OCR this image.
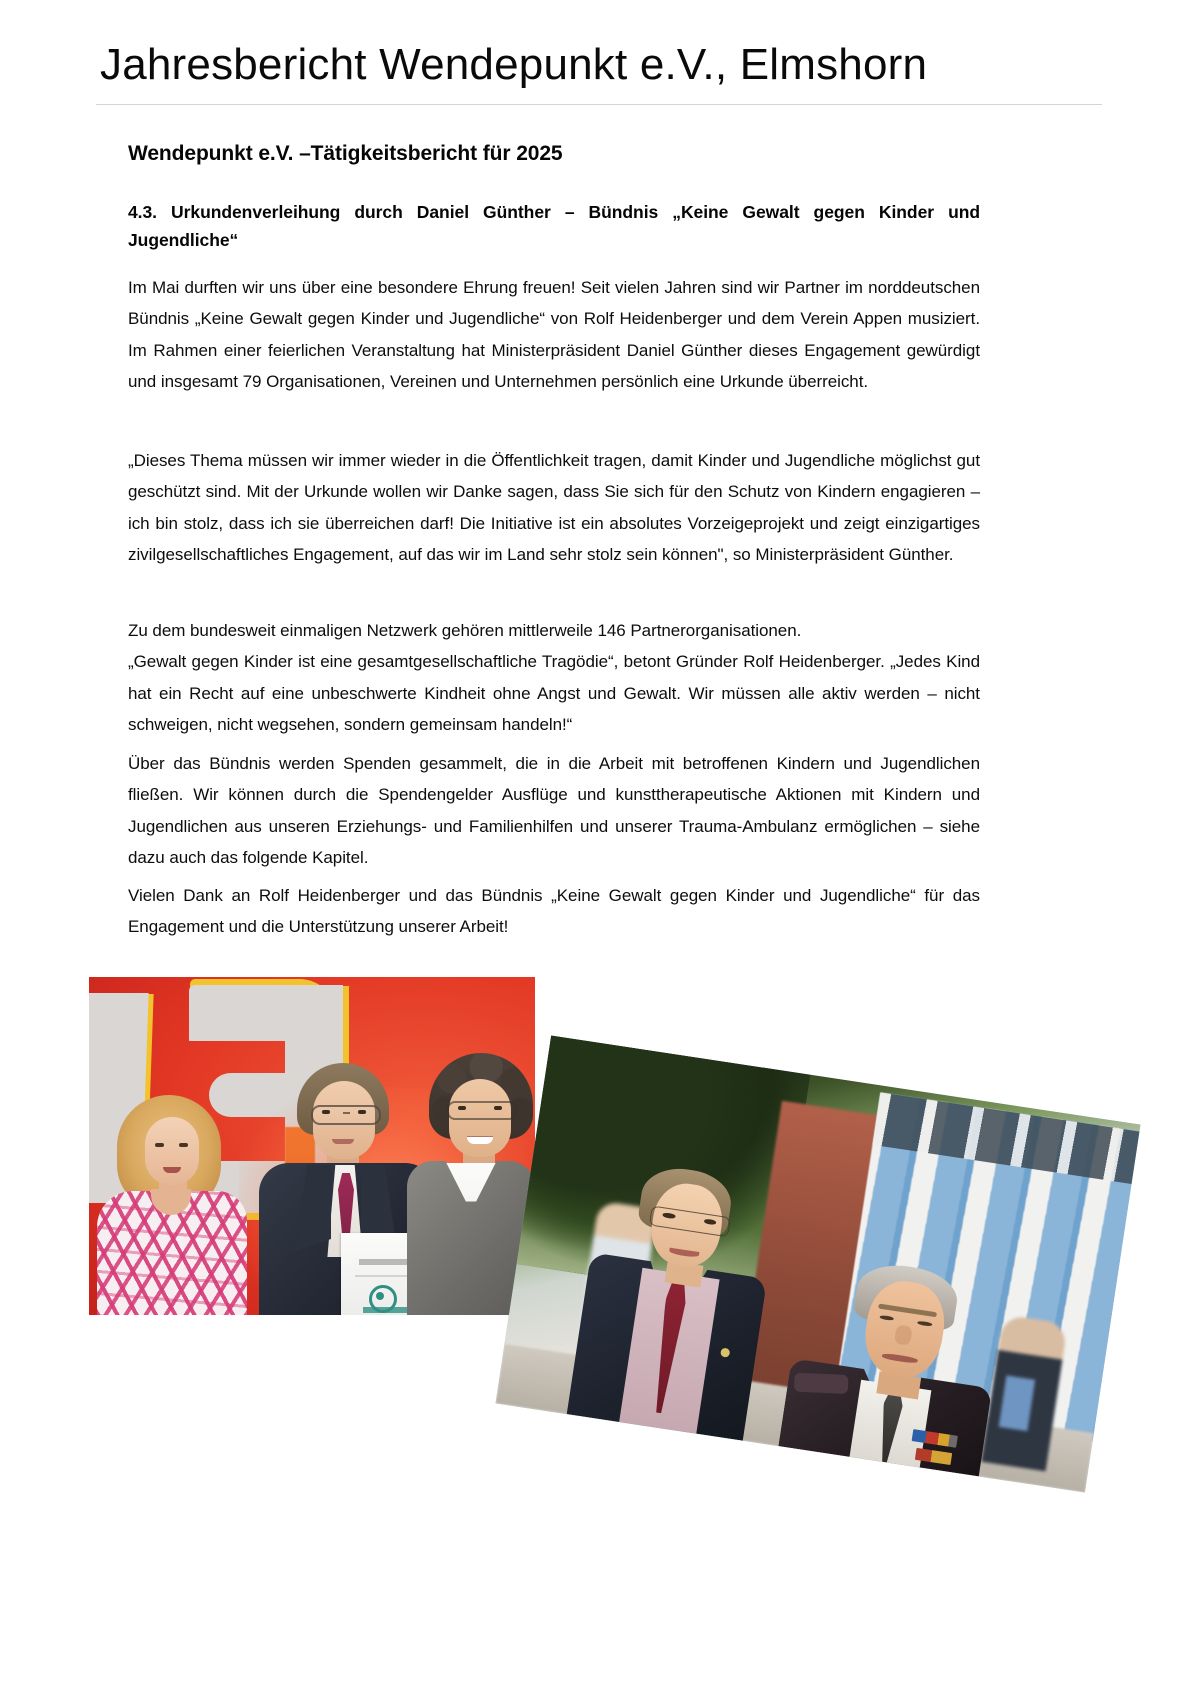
Jahresbericht Wendepunkt e.V., Elmshorn
Wendepunkt e.V. –Tätigkeitsbericht für 2025
4.3. Urkundenverleihung durch Daniel Günther – Bündnis „Keine Gewalt gegen Kinder und Jugendliche“

Im Mai durften wir uns über eine besondere Ehrung freuen! Seit vielen Jahren sind wir Partner im norddeutschen Bündnis „Keine Gewalt gegen Kinder und Jugendliche“ von Rolf Heidenberger und dem Verein Appen musiziert. Im Rahmen einer feierlichen Veranstaltung hat Ministerpräsident Daniel Günther dieses Engagement gewürdigt und insgesamt 79 Organisationen, Vereinen und Unternehmen persönlich eine Urkunde überreicht.

„Dieses Thema müssen wir immer wieder in die Öffentlichkeit tragen, damit Kinder und Jugendliche möglichst gut geschützt sind. Mit der Urkunde wollen wir Danke sagen, dass Sie sich für den Schutz von Kindern engagieren – ich bin stolz, dass ich sie überreichen darf! Die Initiative ist ein absolutes Vorzeigeprojekt und zeigt einzigartiges zivilgesellschaftliches Engagement, auf das wir im Land sehr stolz sein können", so Ministerpräsident Günther.

Zu dem bundesweit einmaligen Netzwerk gehören mittlerweile 146 Partnerorganisationen.

„Gewalt gegen Kinder ist eine gesamtgesellschaftliche Tragödie“, betont Gründer Rolf Heidenberger. „Jedes Kind hat ein Recht auf eine unbeschwerte Kindheit ohne Angst und Gewalt. Wir müssen alle aktiv werden – nicht schweigen, nicht wegsehen, sondern gemeinsam handeln!“

Über das Bündnis werden Spenden gesammelt, die in die Arbeit mit betroffenen Kindern und Jugendlichen fließen. Wir können durch die Spendengelder Ausflüge und kunsttherapeutische Aktionen mit Kindern und Jugendlichen aus unseren Erziehungs- und Familienhilfen und unserer Trauma-Ambulanz ermöglichen – siehe dazu auch das folgende Kapitel.

Vielen Dank an Rolf Heidenberger und das Bündnis „Keine Gewalt gegen Kinder und Jugendliche“ für das Engagement und die Unterstützung unserer Arbeit!
